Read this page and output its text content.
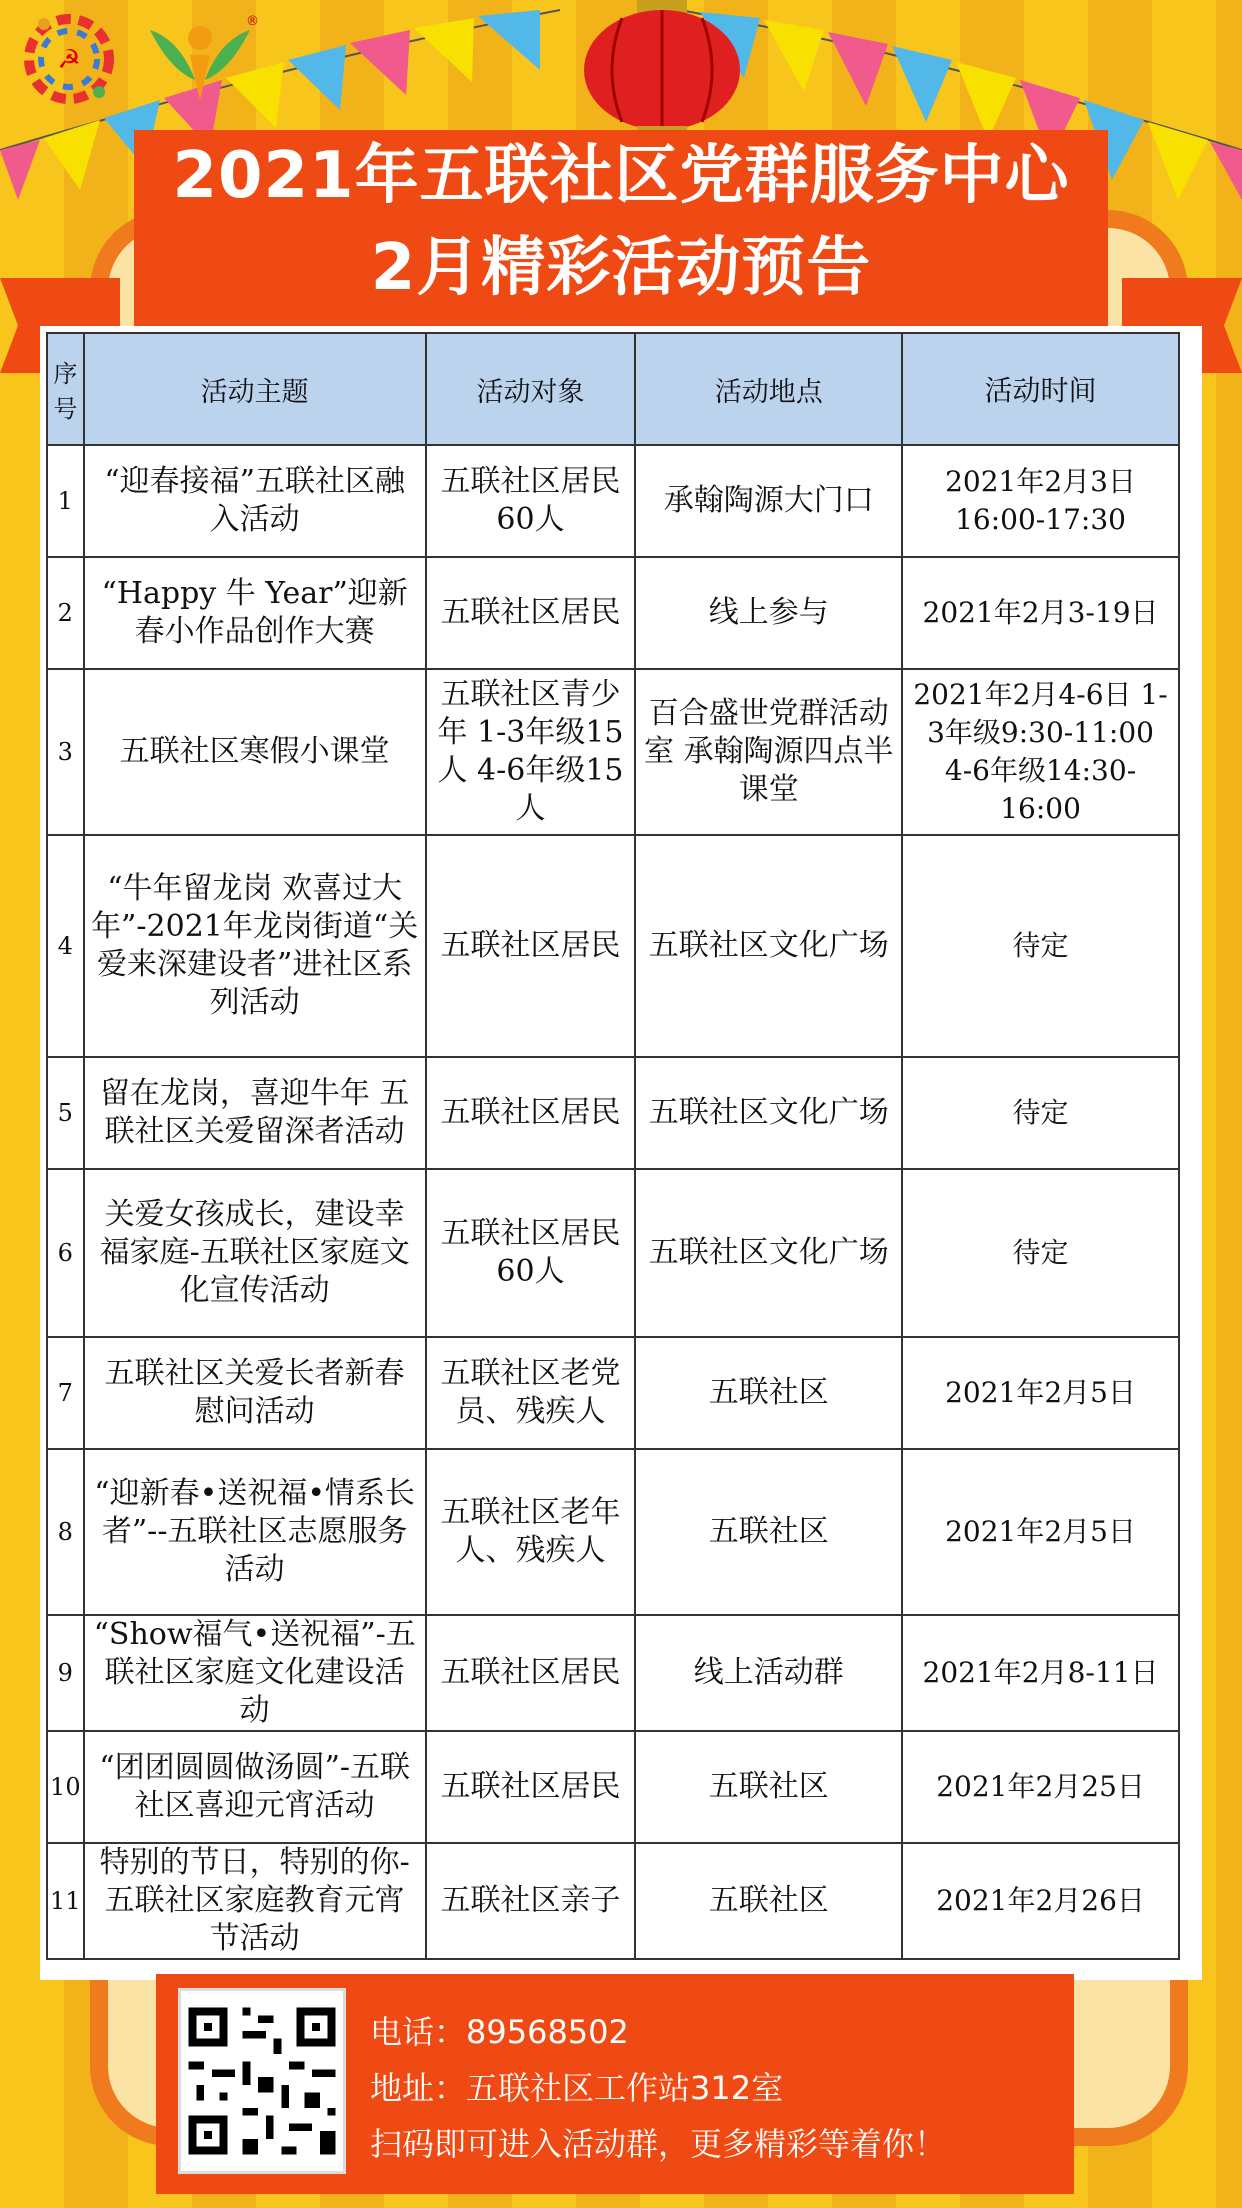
☭
®
2021年五联社区党群服务中心
2月精彩活动预告
序号	活动主题	活动对象	活动地点	活动时间
1	“迎春接福”五联社区融入活动	五联社区居民60人	承翰陶源大门口	2021年2月3日 16:00-17:30
2	“Happy 牛 Year”迎新春小作品创作大赛	五联社区居民	线上参与	2021年2月3-19日
3	五联社区寒假小课堂	五联社区青少年 1-3年级15人 4-6年级15人	百合盛世党群活动室 承翰陶源四点半课堂	2021年2月4-6日 1-3年级9:30-11:00 4-6年级14:30-16:00
4	“牛年留龙岗 欢喜过大年”-2021年龙岗街道“关爱来深建设者”进社区系列活动	五联社区居民	五联社区文化广场	待定
5	留在龙岗，喜迎牛年 五联社区关爱留深者活动	五联社区居民	五联社区文化广场	待定
6	关爱女孩成长，建设幸福家庭-五联社区家庭文化宣传活动	五联社区居民60人	五联社区文化广场	待定
7	五联社区关爱长者新春慰问活动	五联社区老党员、残疾人	五联社区	2021年2月5日
8	“迎新春•送祝福•情系长者”--五联社区志愿服务活动	五联社区老年人、残疾人	五联社区	2021年2月5日
9	“Show福气•送祝福”-五联社区家庭文化建设活动	五联社区居民	线上活动群	2021年2月8-11日
10	“团团圆圆做汤圆”-五联社区喜迎元宵活动	五联社区居民	五联社区	2021年2月25日
11	特别的节日，特别的你-五联社区家庭教育元宵节活动	五联社区亲子	五联社区	2021年2月26日
电话：89568502
地址：五联社区工作站312室
扫码即可进入活动群，更多精彩等着你！
